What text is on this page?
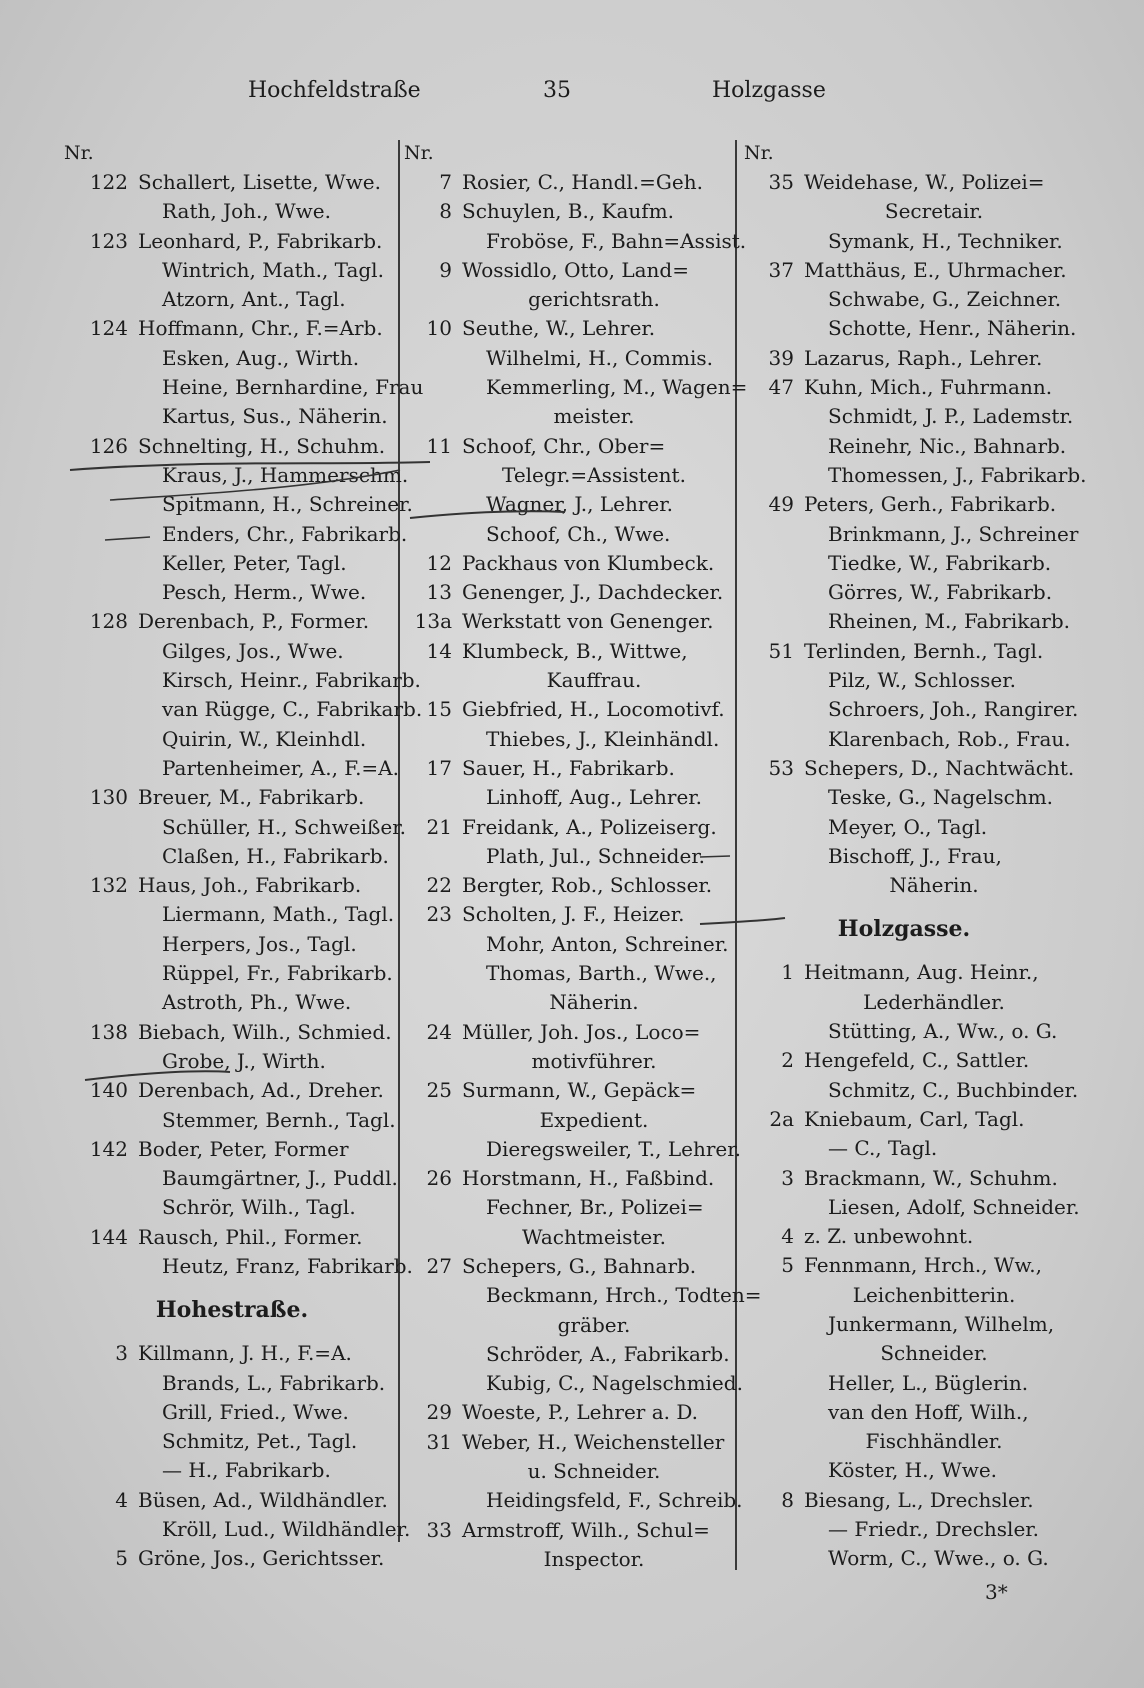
Hochfeldstraße	35	Holzgasse
Nr.
122 Schallert, Lisette, Wwe.
Rath, Joh., Wwe.
123 Leonhard, P., Fabrikarb.
Wintrich, Math., Tagl.
Atzorn, Ant., Tagl.
124 Hoffmann, Chr., F.=Arb.
Esken, Aug., Wirth.
Heine, Bernhardine, Frau
Kartus, Sus., Näherin.
126 Schnelting, H., Schuhm.
Kraus, J., Hammerschm.
Spitmann, H., Schreiner.
Enders, Chr., Fabrikarb.
Keller, Peter, Tagl.
Pesch, Herm., Wwe.
128 Derenbach, P., Former.
Gilges, Jos., Wwe.
Kirsch, Heinr., Fabrikarb.
van Rügge, C., Fabrikarb.
Quirin, W., Kleinhdl.
Partenheimer, A., F.=A.
130 Breuer, M., Fabrikarb.
Schüller, H., Schweißer.
Claßen, H., Fabrikarb.
132 Haus, Joh., Fabrikarb.
Liermann, Math., Tagl.
Herpers, Jos., Tagl.
Rüppel, Fr., Fabrikarb.
Astroth, Ph., Wwe.
138 Biebach, Wilh., Schmied.
Grobe, J., Wirth.
140 Derenbach, Ad., Dreher.
Stemmer, Bernh., Tagl.
142 Boder, Peter, Former
Baumgärtner, J., Puddl.
Schrör, Wilh., Tagl.
144 Rausch, Phil., Former.
Heutz, Franz, Fabrikarb.
Hohestraße.
3 Killmann, J. H., F.=A.
Brands, L., Fabrikarb.
Grill, Fried., Wwe.
Schmitz, Pet., Tagl.
— H., Fabrikarb.
4 Büsen, Ad., Wildhändler.
Kröll, Lud., Wildhändler.
5 Gröne, Jos., Gerichtsser.
Nr.
7 Rosier, C., Handl.=Geh.
8 Schuylen, B., Kaufm.
Froböse, F., Bahn=Assist.
9 Wossidlo, Otto, Land=
gerichtsrath.
10 Seuthe, W., Lehrer.
Wilhelmi, H., Commis.
Kemmerling, M., Wagen=
meister.
11 Schoof, Chr., Ober=
Telegr.=Assistent.
Wagner, J., Lehrer.
Schoof, Ch., Wwe.
12 Packhaus von Klumbeck.
13 Genenger, J., Dachdecker.
13a Werkstatt von Genenger.
14 Klumbeck, B., Wittwe,
Kauffrau.
15 Giebfried, H., Locomotivf.
Thiebes, J., Kleinhändl.
17 Sauer, H., Fabrikarb.
Linhoff, Aug., Lehrer.
21 Freidank, A., Polizeiserg.
Plath, Jul., Schneider.
22 Bergter, Rob., Schlosser.
23 Scholten, J. F., Heizer.
Mohr, Anton, Schreiner.
Thomas, Barth., Wwe.,
Näherin.
24 Müller, Joh. Jos., Loco=
motivführer.
25 Surmann, W., Gepäck=
Expedient.
Dieregsweiler, T., Lehrer.
26 Horstmann, H., Faßbind.
Fechner, Br., Polizei=
Wachtmeister.
27 Schepers, G., Bahnarb.
Beckmann, Hrch., Todten=
gräber.
Schröder, A., Fabrikarb.
Kubig, C., Nagelschmied.
29 Woeste, P., Lehrer a. D.
31 Weber, H., Weichensteller
u. Schneider.
Heidingsfeld, F., Schreib.
33 Armstroff, Wilh., Schul=
Inspector.
Nr.
35 Weidehase, W., Polizei=
Secretair.
Symank, H., Techniker.
37 Matthäus, E., Uhrmacher.
Schwabe, G., Zeichner.
Schotte, Henr., Näherin.
39 Lazarus, Raph., Lehrer.
47 Kuhn, Mich., Fuhrmann.
Schmidt, J. P., Lademstr.
Reinehr, Nic., Bahnarb.
Thomessen, J., Fabrikarb.
49 Peters, Gerh., Fabrikarb.
Brinkmann, J., Schreiner
Tiedke, W., Fabrikarb.
Görres, W., Fabrikarb.
Rheinen, M., Fabrikarb.
51 Terlinden, Bernh., Tagl.
Pilz, W., Schlosser.
Schroers, Joh., Rangirer.
Klarenbach, Rob., Frau.
53 Schepers, D., Nachtwächt.
Teske, G., Nagelschm.
Meyer, O., Tagl.
Bischoff, J., Frau,
Näherin.
Holzgasse.
1 Heitmann, Aug. Heinr.,
Lederhändler.
Stütting, A., Ww., o. G.
2 Hengefeld, C., Sattler.
Schmitz, C., Buchbinder.
2a Kniebaum, Carl, Tagl.
— C., Tagl.
3 Brackmann, W., Schuhm.
Liesen, Adolf, Schneider.
4 z. Z. unbewohnt.
5 Fennmann, Hrch., Ww.,
Leichenbitterin.
Junkermann, Wilhelm,
Schneider.
Heller, L., Büglerin.
van den Hoff, Wilh.,
Fischhändler.
Köster, H., Wwe.
8 Biesang, L., Drechsler.
— Friedr., Drechsler.
Worm, C., Wwe., o. G.
3*
